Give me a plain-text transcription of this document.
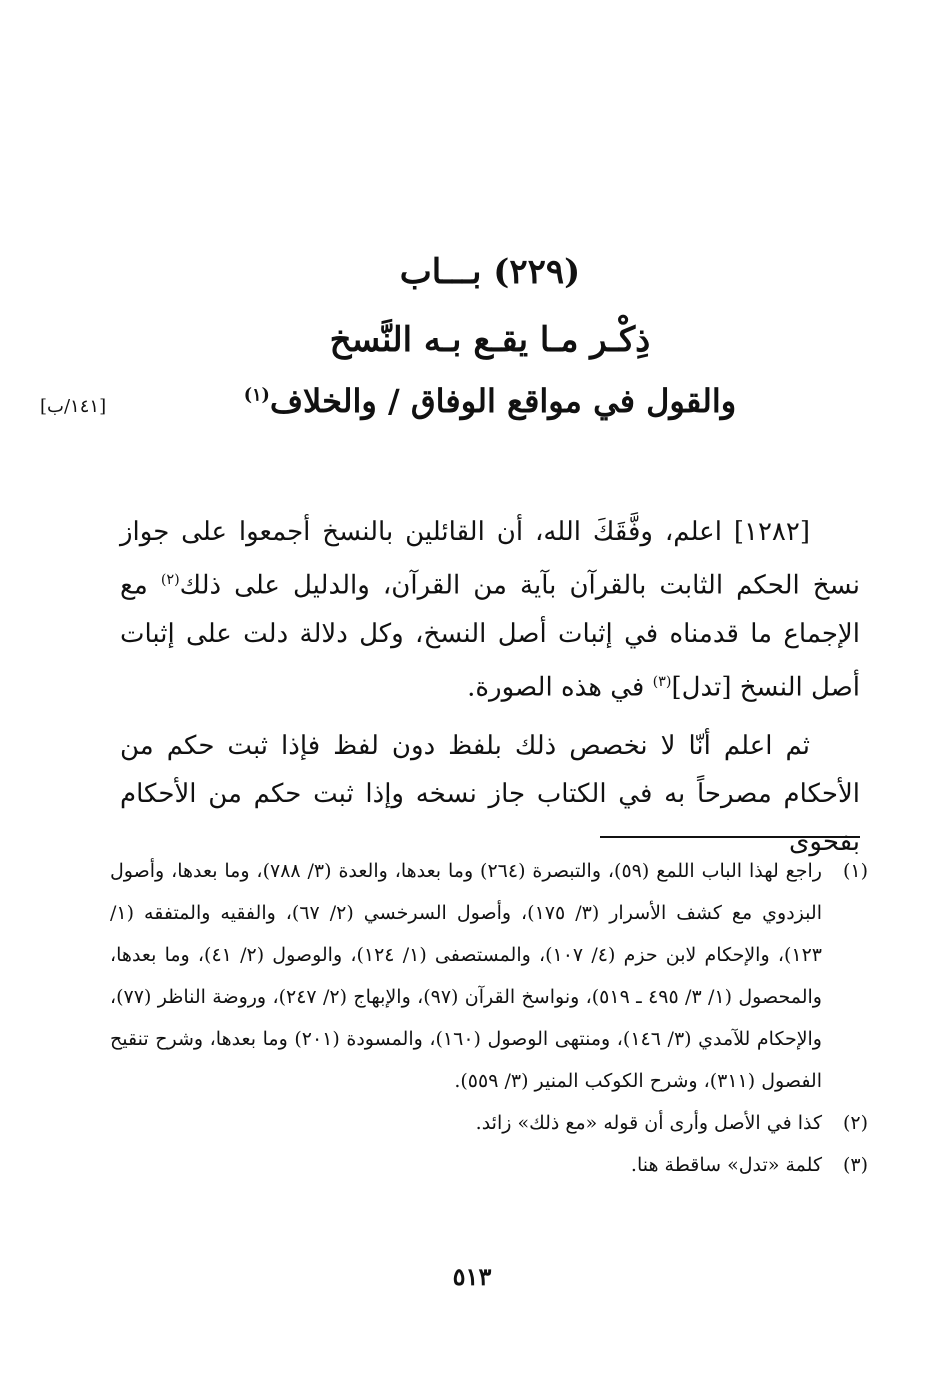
(٢٢٩) بـــاب
ذِكْـر مـا يقـع بـه النَّسخ
والقول في مواقع الوفاق / والخلاف$^{(١)}$
[١٤١/ب]
[١٢٨٢] اعلم، وفَّقَكَ الله، أن القائلين بالنسخ أجمعوا على جواز نسخ الحكم الثابت بالقرآن بآية من القرآن، والدليل على ذلك$^{(٢)}$ مع الإجماع ما قدمناه في إثبات أصل النسخ، وكل دلالة دلت على إثبات أصل النسخ [تدل]$^{(٣)}$ في هذه الصورة.
ثم اعلم أنّا لا نخصص ذلك بلفظ دون لفظ فإذا ثبت حكم من الأحكام مصرحاً به في الكتاب جاز نسخه وإذا ثبت حكم من الأحكام بفحوى
(١)
راجع لهذا الباب اللمع (٥٩)، والتبصرة (٢٦٤) وما بعدها، والعدة (٣/ ٧٨٨)، وما بعدها، وأصول البزدوي مع كشف الأسرار (٣/ ١٧٥)، وأصول السرخسي (٢/ ٦٧)، والفقيه والمتفقه (١/ ١٢٣)، والإحكام لابن حزم (٤/ ١٠٧)، والمستصفى (١/ ١٢٤)، والوصول (٢/ ٤١)، وما بعدها، والمحصول (١/ ٣/ ٤٩٥ ـ ٥١٩)، ونواسخ القرآن (٩٧)، والإبهاج (٢/ ٢٤٧)، وروضة الناظر (٧٧)، والإحكام للآمدي (٣/ ١٤٦)، ومنتهى الوصول (١٦٠)، والمسودة (٢٠١) وما بعدها، وشرح تنقيح الفصول (٣١١)، وشرح الكوكب المنير (٣/ ٥٥٩).
(٢)
كذا في الأصل وأرى أن قوله «مع ذلك» زائد.
(٣)
كلمة «تدل» ساقطة هنا.
٥١٣
